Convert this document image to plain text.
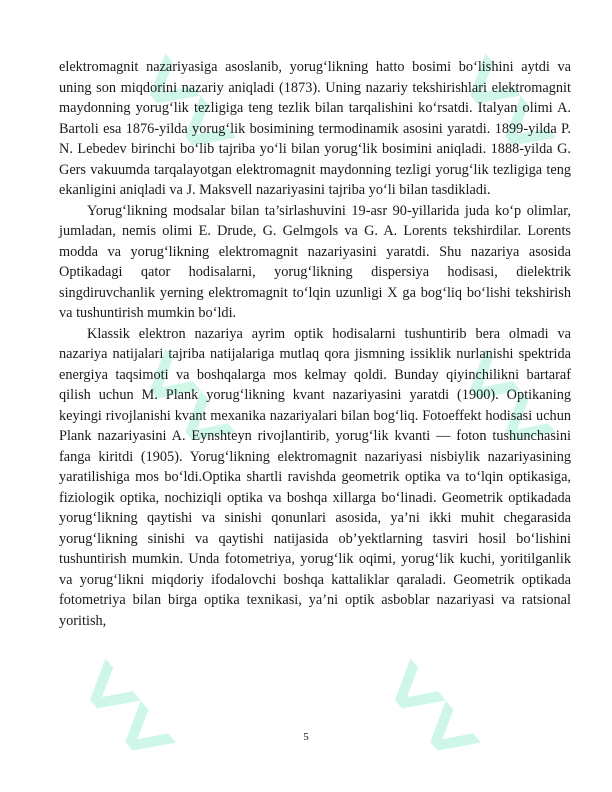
elektromagnit nazariyasiga asoslanib, yorug‘likning hatto bosimi bo‘lishini aytdi va uning son miqdorini nazariy aniqladi (1873). Uning nazariy tekshirishlari elektromagnit maydonning yorug‘lik tezligiga teng tezlik bilan tarqalishini ko‘rsatdi. Italyan olimi A. Bartoli esa 1876-yilda yorug‘lik bosimining termodinamik asosini yaratdi. 1899-yilda P. N. Lebedev birinchi bo‘lib tajriba yo‘li bilan yorug‘lik bosimini aniqladi. 1888-yilda G. Gers vakuumda tarqalayotgan elektromagnit maydonning tezligi yorug‘lik tezligiga teng ekanligini aniqladi va J. Maksvell nazariyasini tajriba yo‘li bilan tasdikladi.

Yorug‘likning modsalar bilan ta’sirlashuvini 19-asr 90-yillarida juda ko‘p olimlar, jumladan, nemis olimi E. Drude, G. Gelmgols va G. A. Lorents tekshirdilar. Lorents modda va yorug‘likning elektromagnit nazariyasini yaratdi. Shu nazariya asosida Optikadagi qator hodisalarni, yorug‘likning dispersiya hodisasi, dielektrik singdiruvchanlik yerning elektromagnit to‘lqin uzunligi X ga bog‘liq bo‘lishi tekshirish va tushuntirish mumkin bo‘ldi.

Klassik elektron nazariya ayrim optik hodisalarni tushuntirib bera olmadi va nazariya natijalari tajriba natijalariga mutlaq qora jismning issiklik nurlanishi spektrida energiya taqsimoti va boshqalarga mos kelmay qoldi. Bunday qiyinchilikni bartaraf qilish uchun M. Plank yorug‘likning kvant nazariyasini yaratdi (1900). Optikaning keyingi rivojlanishi kvant mexanika nazariyalari bilan bog‘liq. Fotoeffekt hodisasi uchun Plank nazariyasini A. Eynshteyn rivojlantirib, yorug‘lik kvanti — foton tushunchasini fanga kiritdi (1905). Yorug‘likning elektromagnit nazariyasi nisbiylik nazariyasining yaratilishiga mos bo‘ldi.Optika shartli ravishda geometrik optika va to‘lqin optikasiga, fiziologik optika, nochiziqli optika va boshqa xillarga bo‘linadi. Geometrik optikadada yorug‘likning qaytishi va sinishi qonunlari asosida, ya’ni ikki muhit chegarasida yorug‘likning sinishi va qaytishi natijasida ob’yektlarning tasviri hosil bo‘lishini tushuntirish mumkin. Unda fotometriya, yorug‘lik oqimi, yorug‘lik kuchi, yoritilganlik va yorug‘likni miqdoriy ifodalovchi boshqa kattaliklar qaraladi. Geometrik optikada fotometriya bilan birga optika texnikasi, ya’ni optik asboblar nazariyasi va ratsional yoritish,

5
